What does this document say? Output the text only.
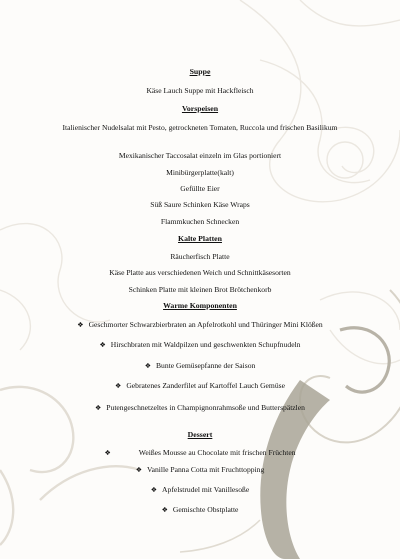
Suppe
Käse Lauch Suppe mit Hackfleisch
Vorspeisen
Italienischer Nudelsalat mit Pesto, getrockneten Tomaten, Ruccola und frischen Basilikum
Mexikanischer Taccosalat einzeln im Glas portioniert
Minibürgerplatte(kalt)
Gefüllte Eier
Süß Saure Schinken Käse Wraps
Flammkuchen Schnecken
Kalte Platten
Räucherfisch Platte
Käse Platte aus verschiedenen Weich und Schnittkäsesorten
Schinken Platte mit kleinen Brot Brötchenkorb
Warme Komponenten
❖ Geschmorter Schwarzbierbraten an Apfelrotkohl und Thüringer Mini Klößen
❖ Hirschbraten mit Waldpilzen und geschwenkten Schupfnudeln
❖ Bunte Gemüsepfanne der Saison
❖ Gebratenes Zanderfilet auf Kartoffel Lauch Gemüse
❖ Putengeschnetzeltes in Champignonrahmsoße und Butterspätzlen
Dessert
❖	Weißes Mousse au Chocolate mit frischen Früchten
❖ Vanille Panna Cotta mit Fruchttopping
❖ Apfelstrudel mit Vanillesoße
❖ Gemischte Obstplatte
